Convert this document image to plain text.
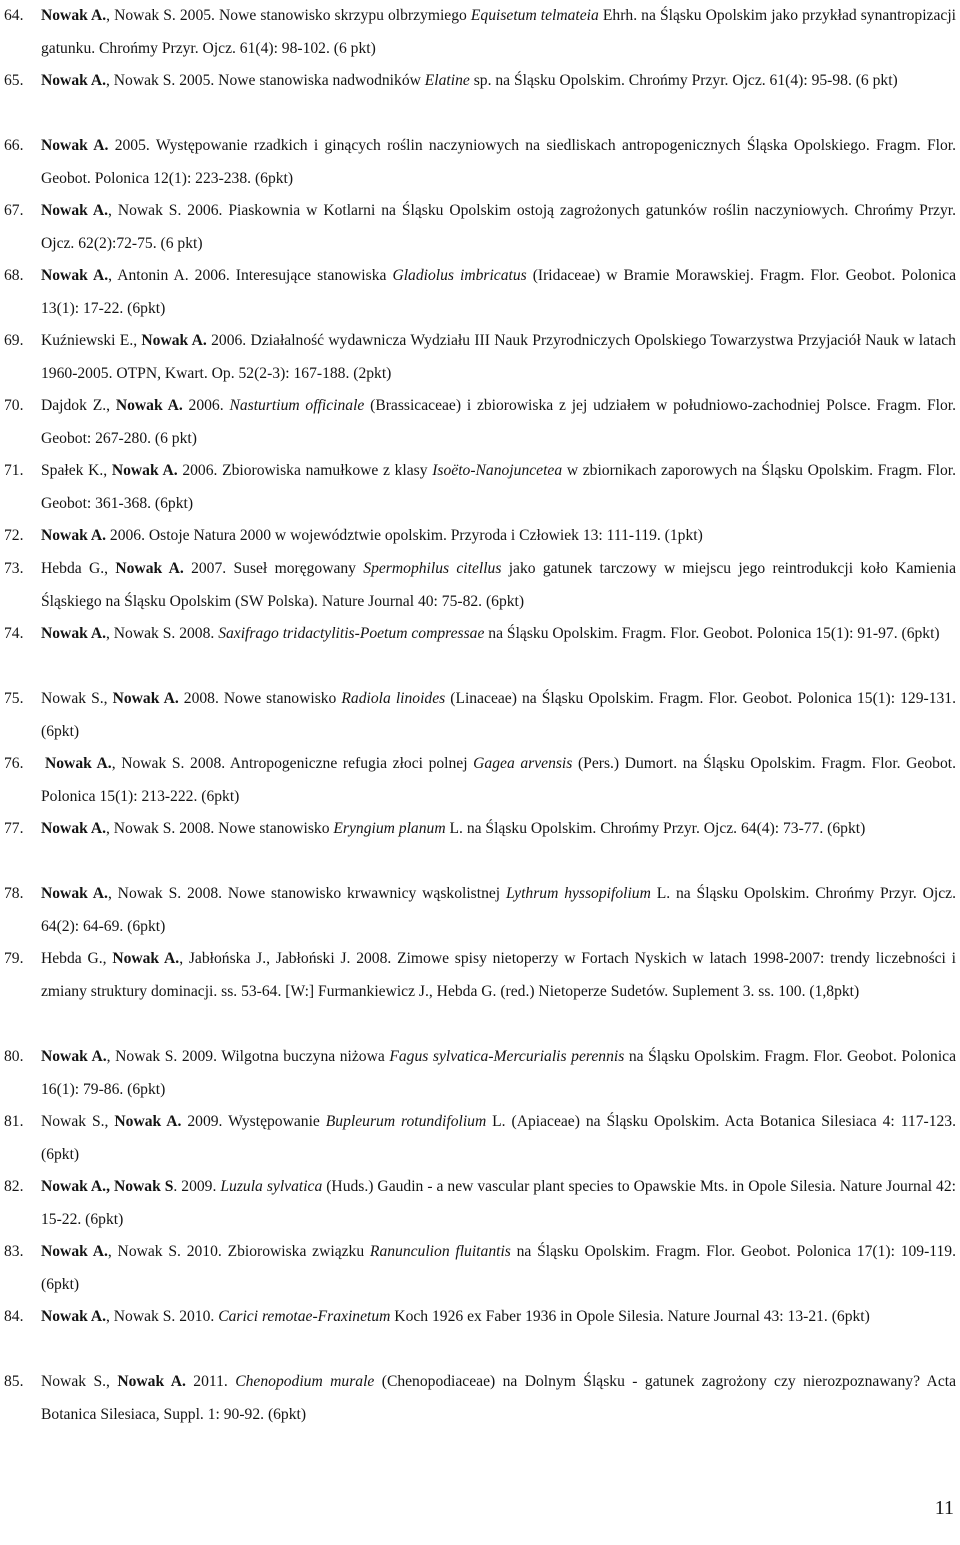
64. Nowak A., Nowak S. 2005. Nowe stanowisko skrzypu olbrzymiego Equisetum telmateia Ehrh. na Śląsku Opolskim jako przykład synantropizacji gatunku. Chrońmy Przyr. Ojcz. 61(4): 98-102. (6 pkt)
65. Nowak A., Nowak S. 2005. Nowe stanowiska nadwodników Elatine sp. na Śląsku Opolskim. Chrońmy Przyr. Ojcz. 61(4): 95-98. (6 pkt)
66. Nowak A. 2005. Występowanie rzadkich i ginących roślin naczyniowych na siedliskach antropogenicznych Śląska Opolskiego. Fragm. Flor. Geobot. Polonica 12(1): 223-238. (6pkt)
67. Nowak A., Nowak S. 2006. Piaskownia w Kotlarni na Śląsku Opolskim ostoją zagrożonych gatunków roślin naczyniowych. Chrońmy Przyr. Ojcz. 62(2):72-75. (6 pkt)
68. Nowak A., Antonin A. 2006. Interesujące stanowiska Gladiolus imbricatus (Iridaceae) w Bramie Morawskiej. Fragm. Flor. Geobot. Polonica 13(1): 17-22. (6pkt)
69. Kuźniewski E., Nowak A. 2006. Działalność wydawnicza Wydziału III Nauk Przyrodniczych Opolskiego Towarzystwa Przyjaciół Nauk w latach 1960-2005. OTPN, Kwart. Op. 52(2-3): 167-188. (2pkt)
70. Dajdok Z., Nowak A. 2006. Nasturtium officinale (Brassicaceae) i zbiorowiska z jej udziałem w południowo-zachodniej Polsce. Fragm. Flor. Geobot: 267-280. (6 pkt)
71. Spałek K., Nowak A. 2006. Zbiorowiska namułkowe z klasy Isoëto-Nanojuncetea w zbiornikach zaporowych na Śląsku Opolskim. Fragm. Flor. Geobot: 361-368. (6pkt)
72. Nowak A. 2006. Ostoje Natura 2000 w województwie opolskim. Przyroda i Człowiek 13: 111-119. (1pkt)
73. Hebda G., Nowak A. 2007. Suseł moręgowany Spermophilus citellus jako gatunek tarczowy w miejscu jego reintrodukcji koło Kamienia Śląskiego na Śląsku Opolskim (SW Polska). Nature Journal 40: 75-82. (6pkt)
74. Nowak A., Nowak S. 2008. Saxifrago tridactylitis-Poetum compressae na Śląsku Opolskim. Fragm. Flor. Geobot. Polonica 15(1): 91-97. (6pkt)
75. Nowak S., Nowak A. 2008. Nowe stanowisko Radiola linoides (Linaceae) na Śląsku Opolskim. Fragm. Flor. Geobot. Polonica 15(1): 129-131. (6pkt)
76. Nowak A., Nowak S. 2008. Antropogeniczne refugia złoci polnej Gagea arvensis (Pers.) Dumort. na Śląsku Opolskim. Fragm. Flor. Geobot. Polonica 15(1): 213-222. (6pkt)
77. Nowak A., Nowak S. 2008. Nowe stanowisko Eryngium planum L. na Śląsku Opolskim. Chrońmy Przyr. Ojcz. 64(4): 73-77. (6pkt)
78. Nowak A., Nowak S. 2008. Nowe stanowisko krwawnicy wąskolistnej Lythrum hyssopifolium L. na Śląsku Opolskim. Chrońmy Przyr. Ojcz. 64(2): 64-69. (6pkt)
79. Hebda G., Nowak A., Jabłońska J., Jabłoński J. 2008. Zimowe spisy nietoperzy w Fortach Nyskich w latach 1998-2007: trendy liczebności i zmiany struktury dominacji. ss. 53-64. [W:] Furmankiewicz J., Hebda G. (red.) Nietoperze Sudetów. Suplement 3. ss. 100. (1,8pkt)
80. Nowak A., Nowak S. 2009. Wilgotna buczyna niżowa Fagus sylvatica-Mercurialis perennis na Śląsku Opolskim. Fragm. Flor. Geobot. Polonica 16(1): 79-86. (6pkt)
81. Nowak S., Nowak A. 2009. Występowanie Bupleurum rotundifolium L. (Apiaceae) na Śląsku Opolskim. Acta Botanica Silesiaca 4: 117-123. (6pkt)
82. Nowak A., Nowak S. 2009. Luzula sylvatica (Huds.) Gaudin - a new vascular plant species to Opawskie Mts. in Opole Silesia. Nature Journal 42: 15-22. (6pkt)
83. Nowak A., Nowak S. 2010. Zbiorowiska związku Ranunculion fluitantis na Śląsku Opolskim. Fragm. Flor. Geobot. Polonica 17(1): 109-119. (6pkt)
84. Nowak A., Nowak S. 2010. Carici remotae-Fraxinetum Koch 1926 ex Faber 1936 in Opole Silesia. Nature Journal 43: 13-21. (6pkt)
85. Nowak S., Nowak A. 2011. Chenopodium murale (Chenopodiaceae) na Dolnym Śląsku - gatunek zagrożony czy nierozpoznawany? Acta Botanica Silesiaca, Suppl. 1: 90-92. (6pkt)
11
